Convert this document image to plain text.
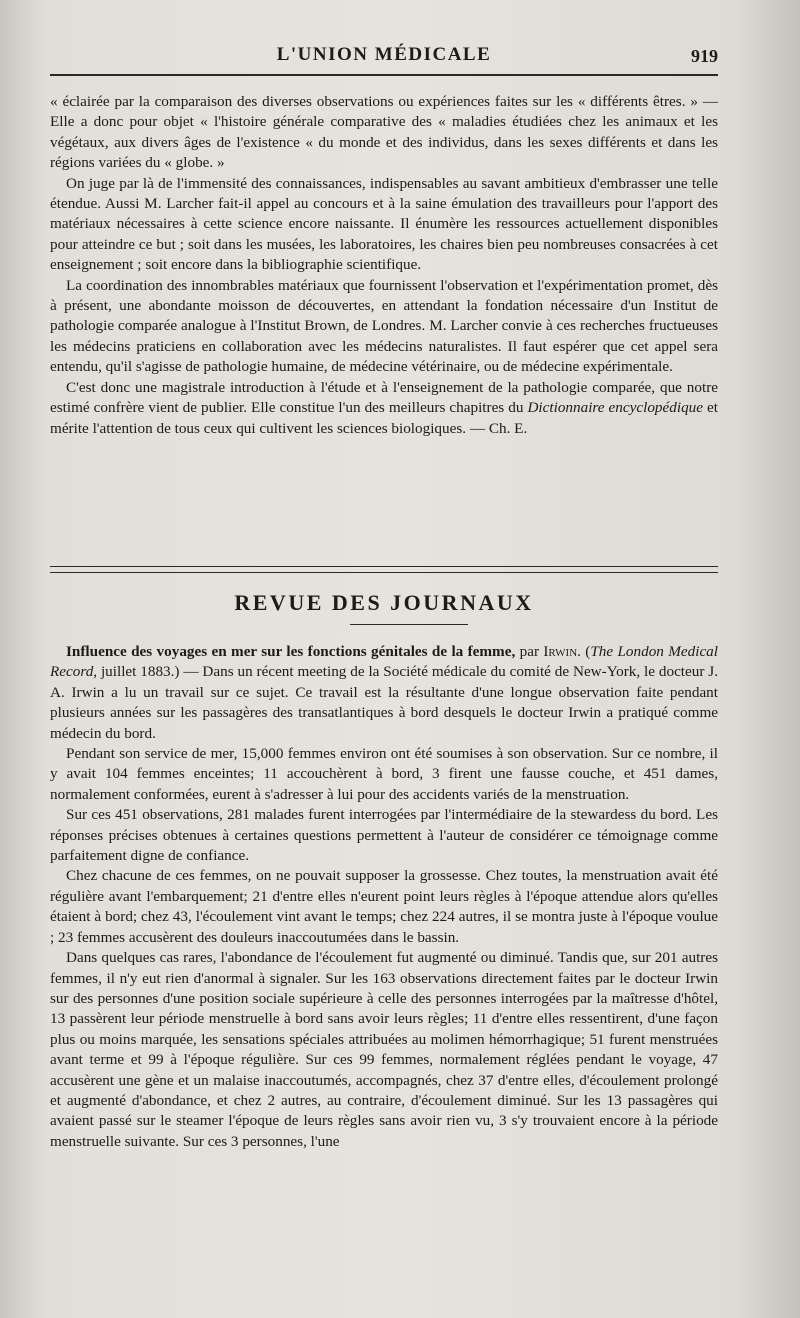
L'UNION MÉDICALE	919

« éclairée par la comparaison des diverses observations ou expériences faites sur les « différents êtres. » — Elle a donc pour objet « l'histoire générale comparative des « maladies étudiées chez les animaux et les végétaux, aux divers âges de l'existence « du monde et des individus, dans les sexes différents et dans les régions variées du « globe. »

On juge par là de l'immensité des connaissances, indispensables au savant ambitieux d'embrasser une telle étendue. Aussi M. Larcher fait-il appel au concours et à la saine émulation des travailleurs pour l'apport des matériaux nécessaires à cette science encore naissante. Il énumère les ressources actuellement disponibles pour atteindre ce but ; soit dans les musées, les laboratoires, les chaires bien peu nombreuses consacrées à cet enseignement ; soit encore dans la bibliographie scientifique.

La coordination des innombrables matériaux que fournissent l'observation et l'expérimentation promet, dès à présent, une abondante moisson de découvertes, en attendant la fondation nécessaire d'un Institut de pathologie comparée analogue à l'Institut Brown, de Londres. M. Larcher convie à ces recherches fructueuses les médecins praticiens en collaboration avec les médecins naturalistes. Il faut espérer que cet appel sera entendu, qu'il s'agisse de pathologie humaine, de médecine vétérinaire, ou de médecine expérimentale.

C'est donc une magistrale introduction à l'étude et à l'enseignement de la pathologie comparée, que notre estimé confrère vient de publier. Elle constitue l'un des meilleurs chapitres du Dictionnaire encyclopédique et mérite l'attention de tous ceux qui cultivent les sciences biologiques. — Ch. E.

REVUE DES JOURNAUX

Influence des voyages en mer sur les fonctions génitales de la femme, par Irwin. (The London Medical Record, juillet 1883.) — Dans un récent meeting de la Société médicale du comité de New-York, le docteur J. A. Irwin a lu un travail sur ce sujet. Ce travail est la résultante d'une longue observation faite pendant plusieurs années sur les passagères des transatlantiques à bord desquels le docteur Irwin a pratiqué comme médecin du bord.

Pendant son service de mer, 15,000 femmes environ ont été soumises à son observation. Sur ce nombre, il y avait 104 femmes enceintes; 11 accouchèrent à bord, 3 firent une fausse couche, et 451 dames, normalement conformées, eurent à s'adresser à lui pour des accidents variés de la menstruation.

Sur ces 451 observations, 281 malades furent interrogées par l'intermédiaire de la stewardess du bord. Les réponses précises obtenues à certaines questions permettent à l'auteur de considérer ce témoignage comme parfaitement digne de confiance.

Chez chacune de ces femmes, on ne pouvait supposer la grossesse. Chez toutes, la menstruation avait été régulière avant l'embarquement; 21 d'entre elles n'eurent point leurs règles à l'époque attendue alors qu'elles étaient à bord; chez 43, l'écoulement vint avant le temps; chez 224 autres, il se montra juste à l'époque voulue ; 23 femmes accusèrent des douleurs inaccoutumées dans le bassin.

Dans quelques cas rares, l'abondance de l'écoulement fut augmenté ou diminué. Tandis que, sur 201 autres femmes, il n'y eut rien d'anormal à signaler. Sur les 163 observations directement faites par le docteur Irwin sur des personnes d'une position sociale supérieure à celle des personnes interrogées par la maîtresse d'hôtel, 13 passèrent leur période menstruelle à bord sans avoir leurs règles; 11 d'entre elles ressentirent, d'une façon plus ou moins marquée, les sensations spéciales attribuées au molimen hémorrhagique; 51 furent menstruées avant terme et 99 à l'époque régulière. Sur ces 99 femmes, normalement réglées pendant le voyage, 47 accusèrent une gène et un malaise inaccoutumés, accompagnés, chez 37 d'entre elles, d'écoulement prolongé et augmenté d'abondance, et chez 2 autres, au contraire, d'écoulement diminué. Sur les 13 passagères qui avaient passé sur le steamer l'époque de leurs règles sans avoir rien vu, 3 s'y trouvaient encore à la période menstruelle suivante. Sur ces 3 personnes, l'une
